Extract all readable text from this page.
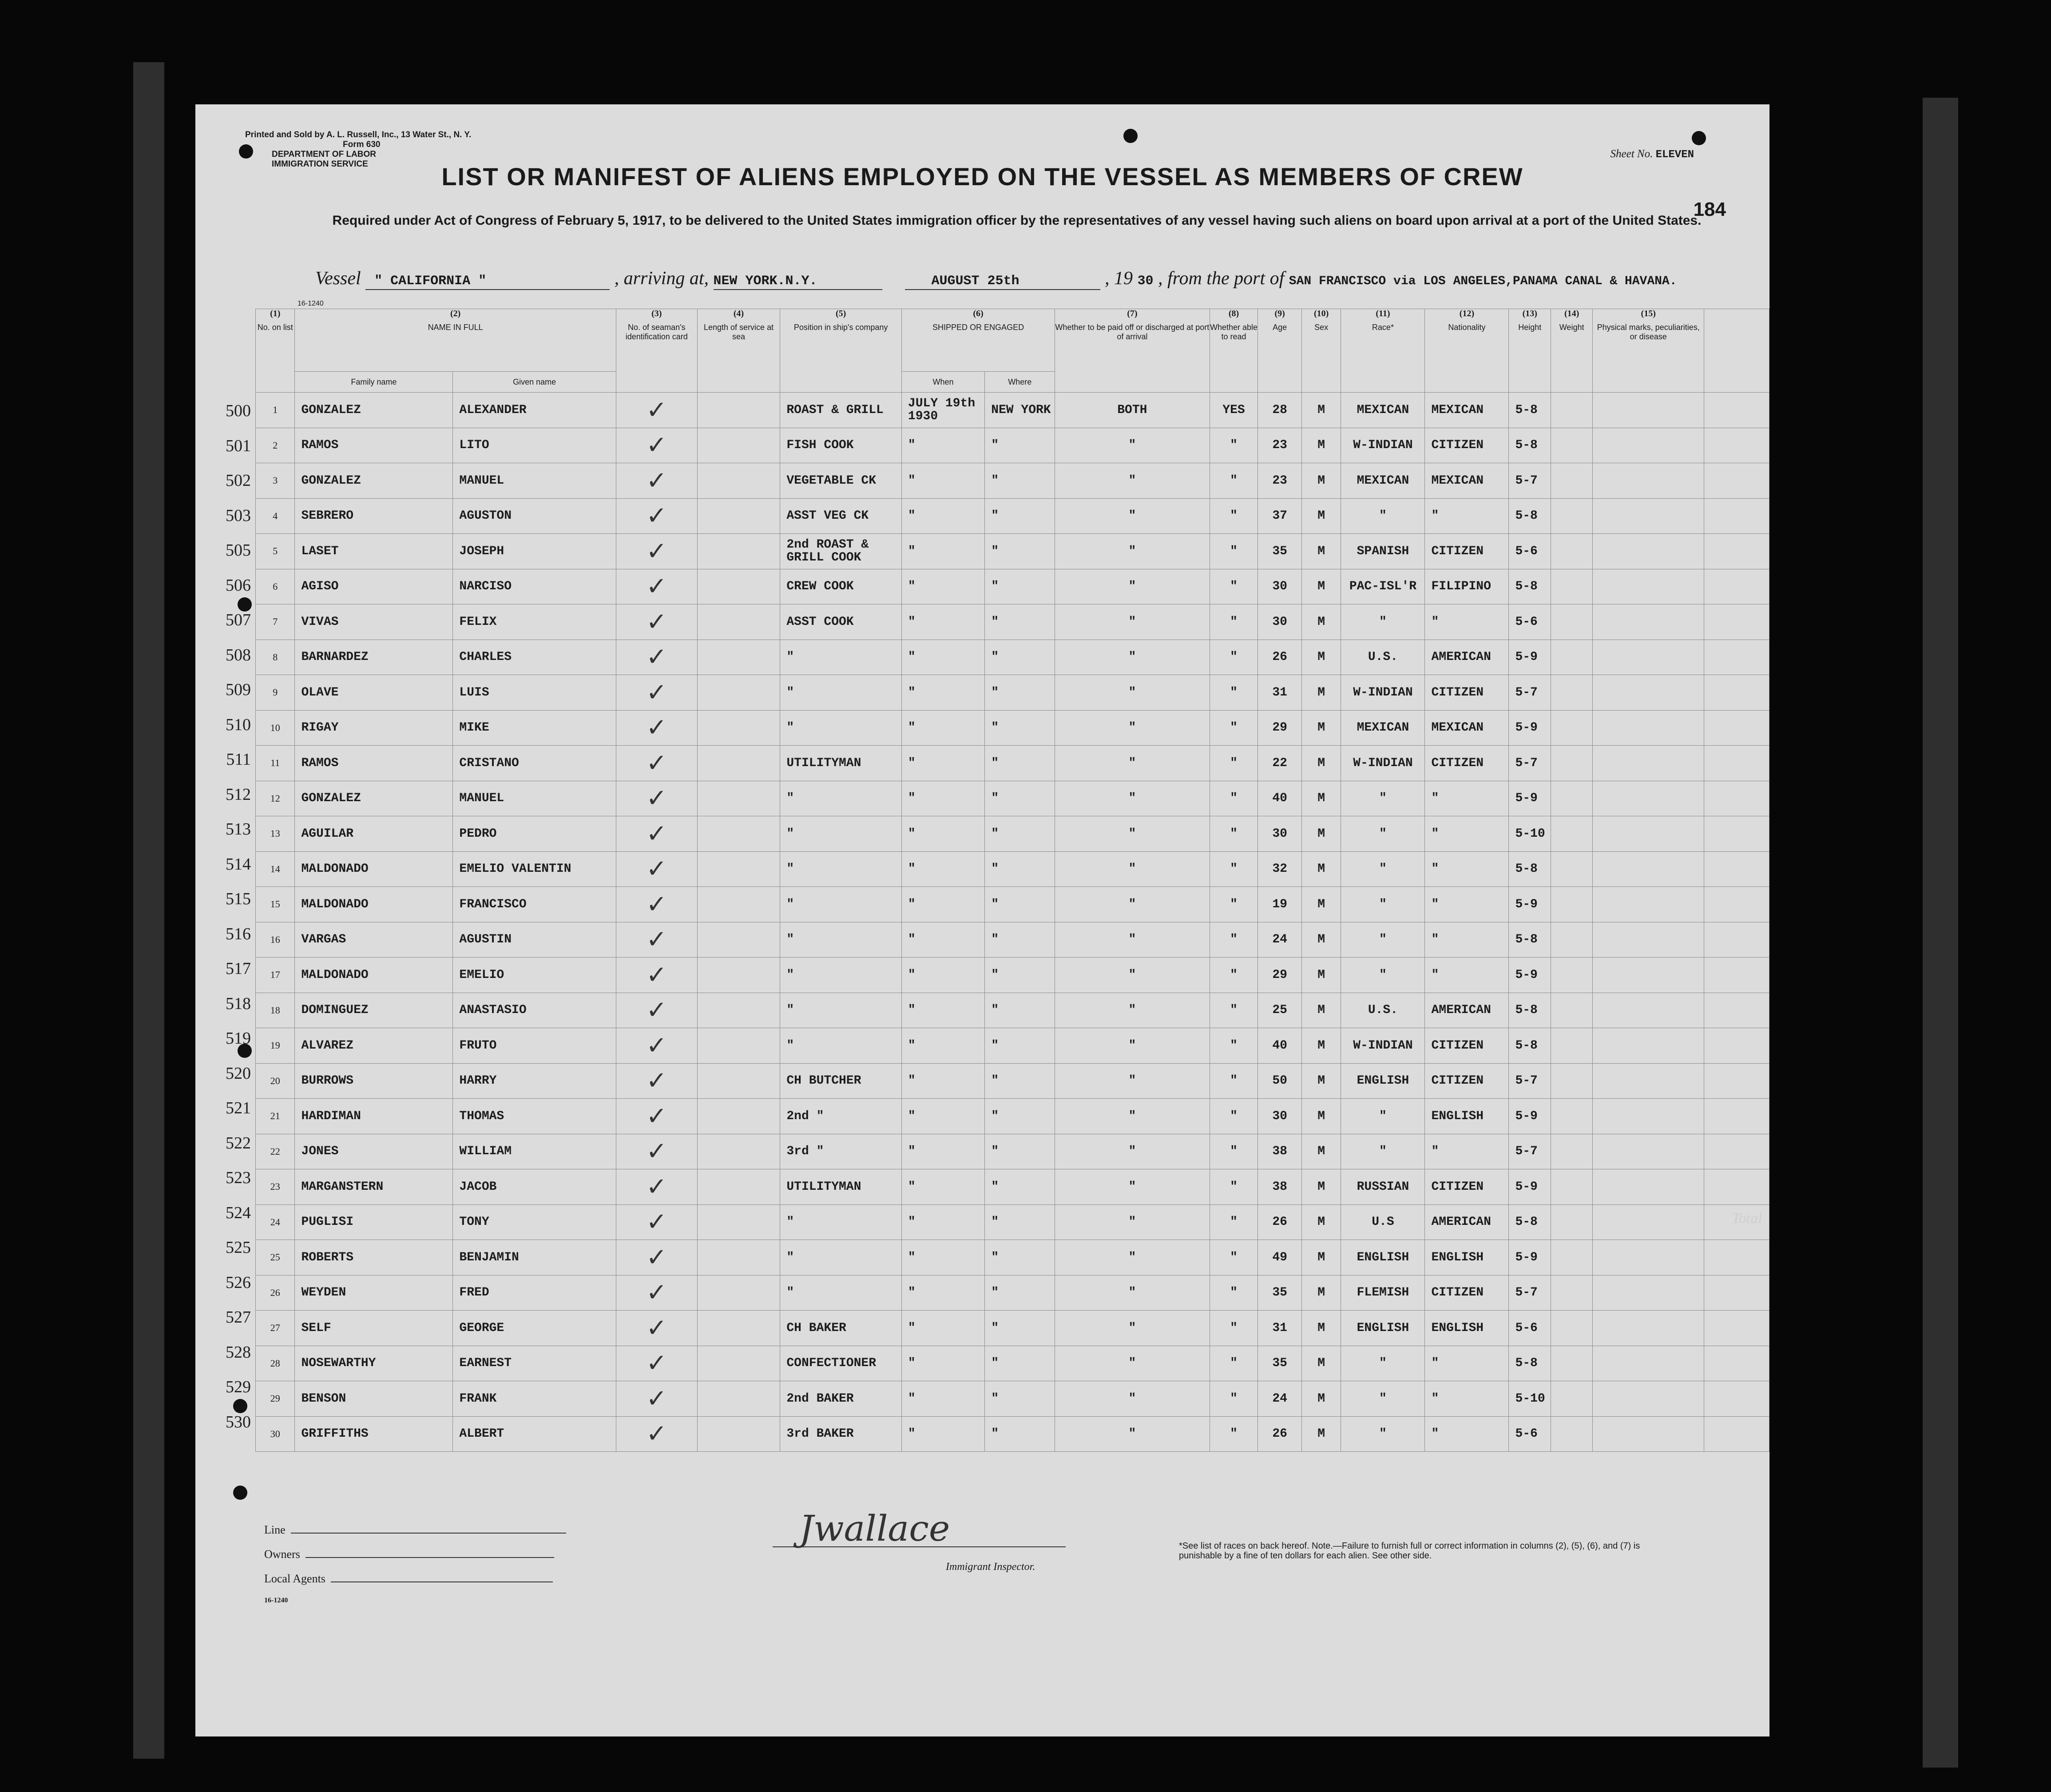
Printed and Sold by A. L. Russell, Inc., 13 Water St., N. Y.
Form 630
DEPARTMENT OF LABOR
IMMIGRATION SERVICE
Sheet No. ELEVEN
LIST OR MANIFEST OF ALIENS EMPLOYED ON THE VESSEL AS MEMBERS OF CREW
Required under Act of Congress of February 5, 1917, to be delivered to the United States immigration officer by the representatives of any vessel having such aliens on board upon arrival at a port of the United States.
184
Vessel " CALIFORNIA "	, arriving at, NEW YORK.N.Y.	AUGUST 25th	, 19 30 , from the port of SAN FRANCISCO via LOS ANGELES,PANAMA CANAL & HAVANA.
16-1240
500
501
502
503
505
506
507
508
509
510
511
512
513
514
515
516
517
518
519
520
521
522
523
524
525
526
527
528
529
530
(1)
No. on list	(2)
NAME IN FULL		(3)
No. of seaman's identification card	(4)
Length of service at sea	(5)
Position in ship's company	(6)
SHIPPED OR ENGAGED		(7)
Whether to be paid off or discharged at port of arrival	(8)
Whether able to read	(9)
Age	(10)
Sex	(11)
Race*	(12)
Nationality	(13)
Height	(14)
Weight	(15)
Physical marks, peculiarities, or disease	
	Family name	Given name				When	Where										
1	GONZALEZ	ALEXANDER	✓		ROAST & GRILL	JULY 19th 1930	NEW YORK	BOTH	YES	28	M	MEXICAN	MEXICAN	5-8			
2	RAMOS	LITO	✓		FISH COOK	"	"	"	"	23	M	W-INDIAN	CITIZEN	5-8			
3	GONZALEZ	MANUEL	✓		VEGETABLE CK	"	"	"	"	23	M	MEXICAN	MEXICAN	5-7			
4	SEBRERO	AGUSTON	✓		ASST VEG CK	"	"	"	"	37	M	"	"	5-8			
5	LASET	JOSEPH	✓		2nd ROAST & GRILL COOK	"	"	"	"	35	M	SPANISH	CITIZEN	5-6			
6	AGISO	NARCISO	✓		CREW COOK	"	"	"	"	30	M	PAC-ISL'R	FILIPINO	5-8			
7	VIVAS	FELIX	✓		ASST COOK	"	"	"	"	30	M	"	"	5-6			
8	BARNARDEZ	CHARLES	✓		"	"	"	"	"	26	M	U.S.	AMERICAN	5-9			
9	OLAVE	LUIS	✓		"	"	"	"	"	31	M	W-INDIAN	CITIZEN	5-7			
10	RIGAY	MIKE	✓		"	"	"	"	"	29	M	MEXICAN	MEXICAN	5-9			
11	RAMOS	CRISTANO	✓		UTILITYMAN	"	"	"	"	22	M	W-INDIAN	CITIZEN	5-7			
12	GONZALEZ	MANUEL	✓		"	"	"	"	"	40	M	"	"	5-9			
13	AGUILAR	PEDRO	✓		"	"	"	"	"	30	M	"	"	5-10			
14	MALDONADO	EMELIO VALENTIN	✓		"	"	"	"	"	32	M	"	"	5-8			
15	MALDONADO	FRANCISCO	✓		"	"	"	"	"	19	M	"	"	5-9			
16	VARGAS	AGUSTIN	✓		"	"	"	"	"	24	M	"	"	5-8			
17	MALDONADO	EMELIO	✓		"	"	"	"	"	29	M	"	"	5-9			
18	DOMINGUEZ	ANASTASIO	✓		"	"	"	"	"	25	M	U.S.	AMERICAN	5-8			
19	ALVAREZ	FRUTO	✓		"	"	"	"	"	40	M	W-INDIAN	CITIZEN	5-8			
20	BURROWS	HARRY	✓		CH BUTCHER	"	"	"	"	50	M	ENGLISH	CITIZEN	5-7			
21	HARDIMAN	THOMAS	✓		2nd "	"	"	"	"	30	M	"	ENGLISH	5-9			
22	JONES	WILLIAM	✓		3rd "	"	"	"	"	38	M	"	"	5-7			
23	MARGANSTERN	JACOB	✓		UTILITYMAN	"	"	"	"	38	M	RUSSIAN	CITIZEN	5-9			
24	PUGLISI	TONY	✓		"	"	"	"	"	26	M	U.S	AMERICAN	5-8			
25	ROBERTS	BENJAMIN	✓		"	"	"	"	"	49	M	ENGLISH	ENGLISH	5-9			
26	WEYDEN	FRED	✓		"	"	"	"	"	35	M	FLEMISH	CITIZEN	5-7			
27	SELF	GEORGE	✓		CH BAKER	"	"	"	"	31	M	ENGLISH	ENGLISH	5-6			
28	NOSEWARTHY	EARNEST	✓		CONFECTIONER	"	"	"	"	35	M	"	"	5-8			
29	BENSON	FRANK	✓		2nd BAKER	"	"	"	"	24	M	"	"	5-10			
30	GRIFFITHS	ALBERT	✓		3rd BAKER	"	"	"	"	26	M	"	"	5-6			
Line
Owners
Local Agents
16-1240
Jwallace
Immigrant Inspector.
*See list of races on back hereof. Note.—Failure to furnish full or correct information in columns (2), (5), (6), and (7) is punishable by a fine of ten dollars for each alien. See other side.
Total
